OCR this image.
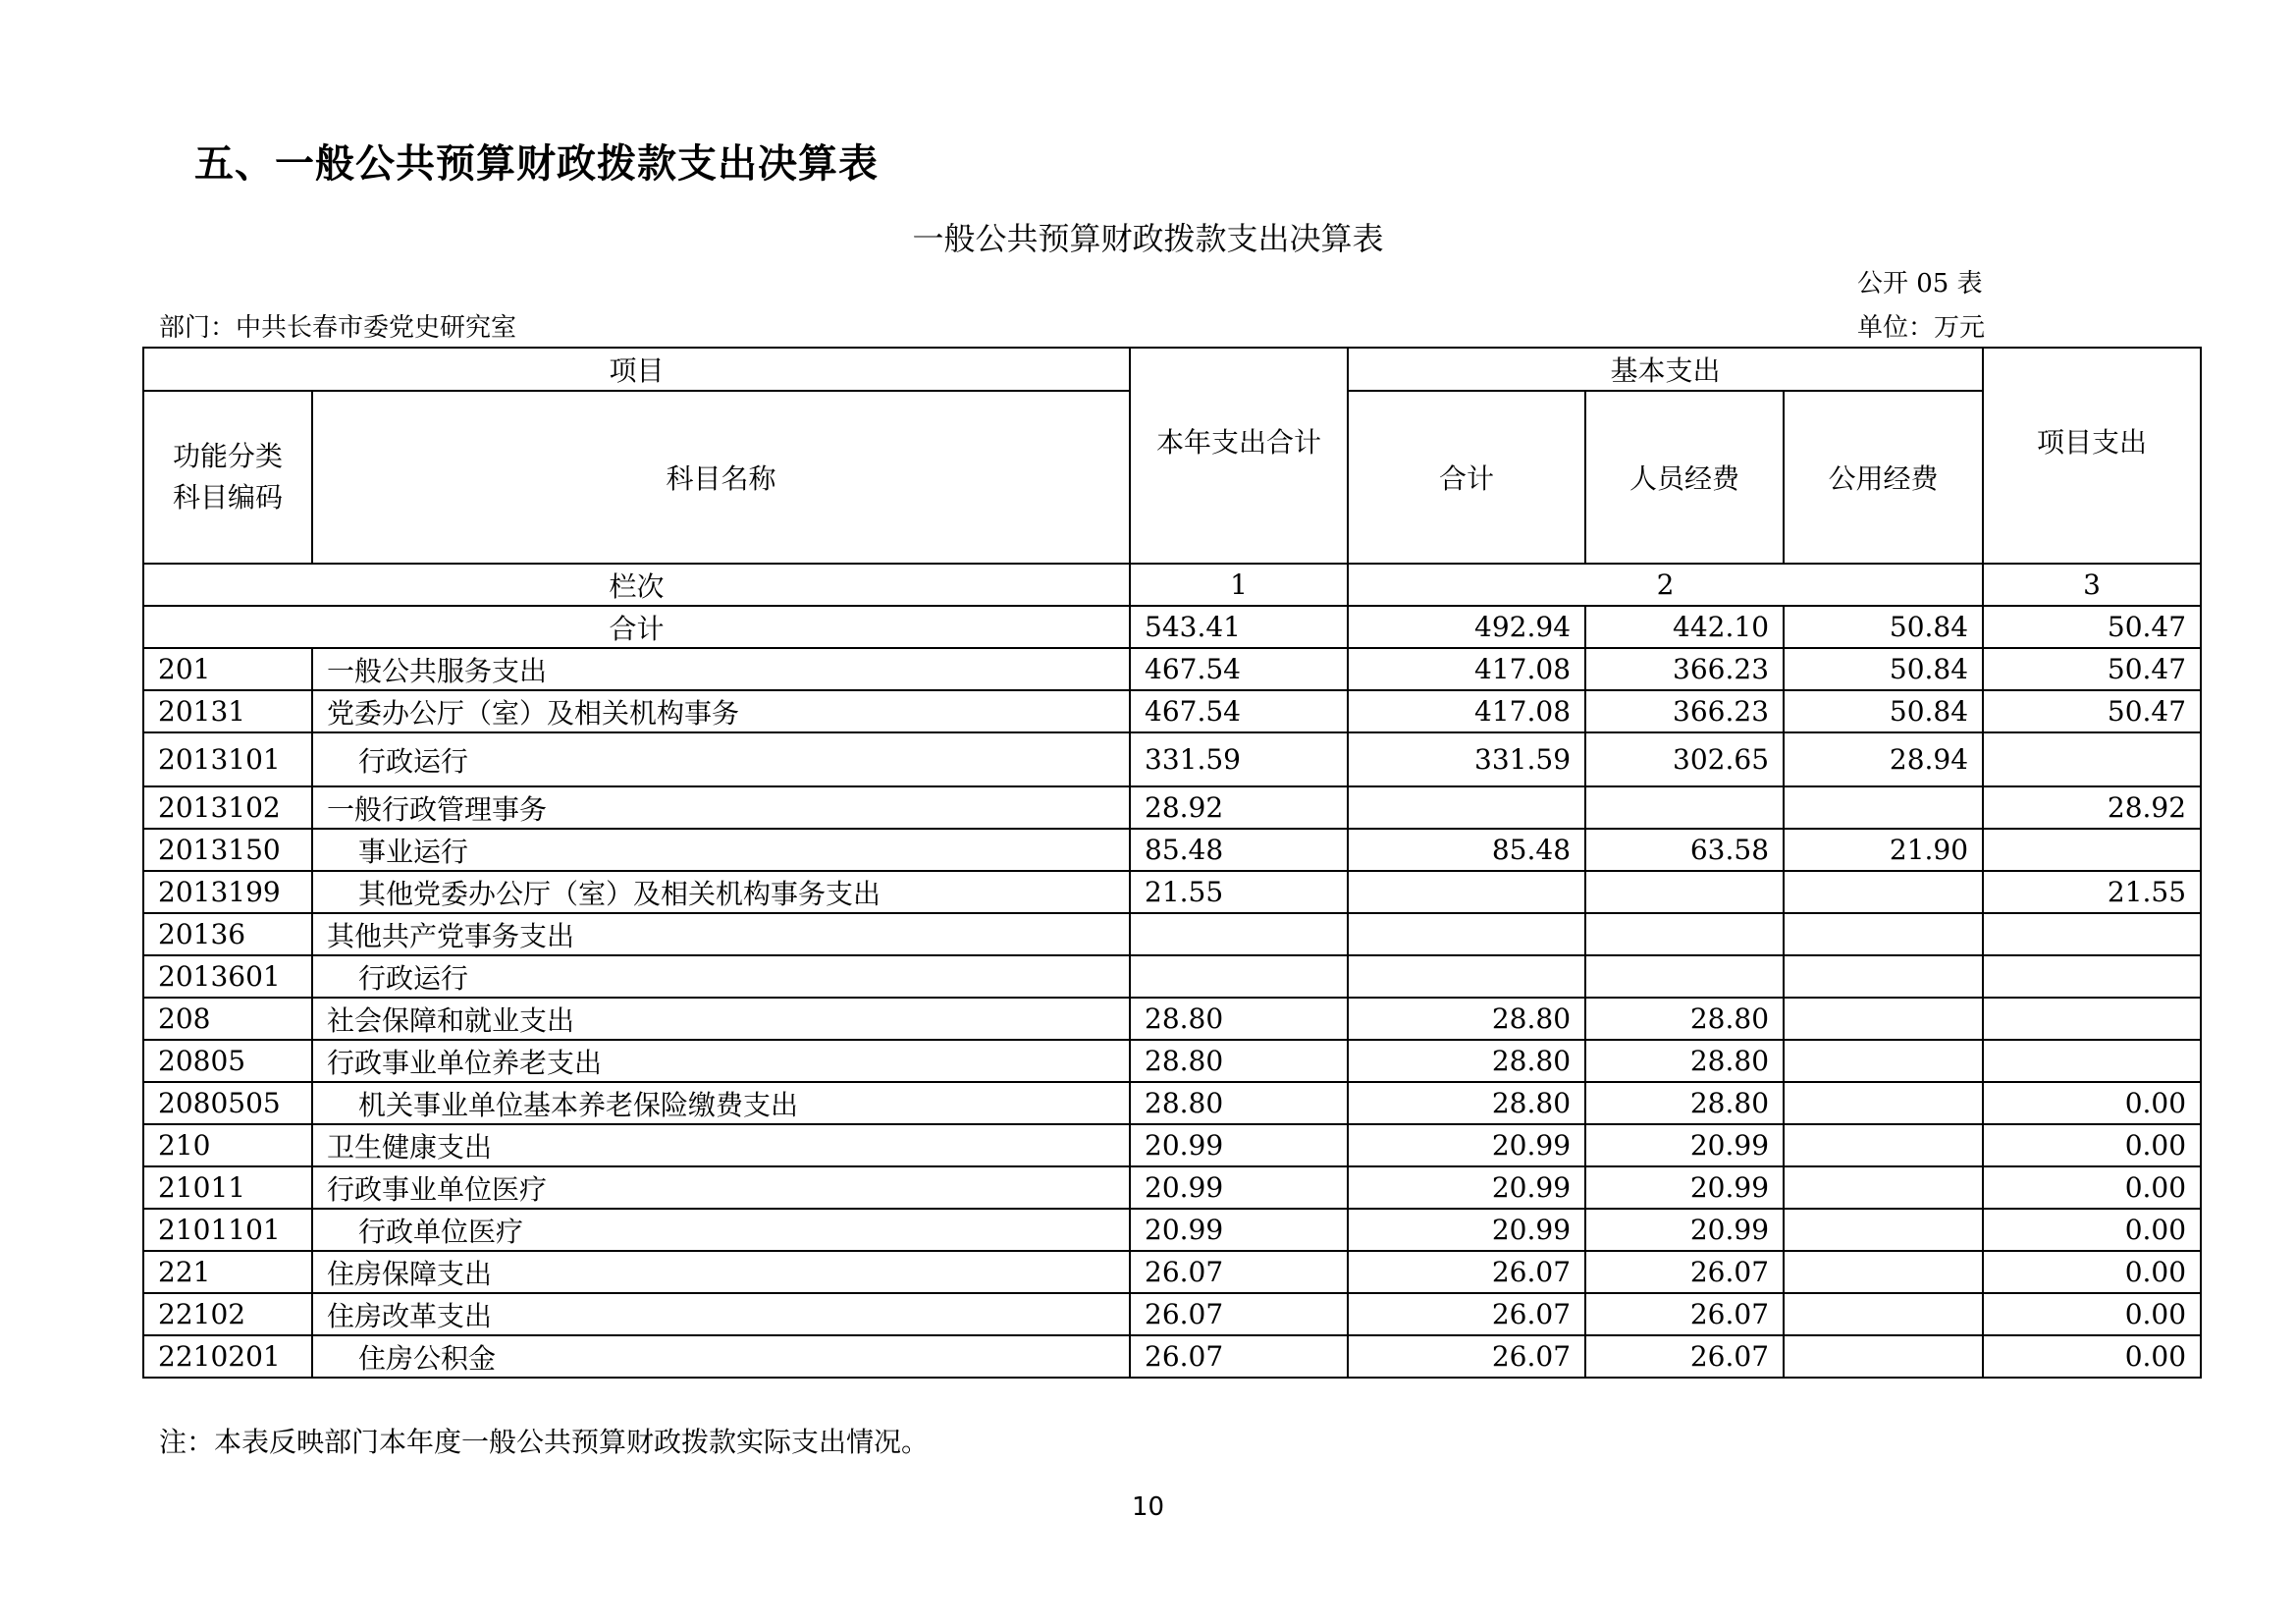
五、一般公共预算财政拨款支出决算表
一般公共预算财政拨款支出决算表
公开 05 表
部门：中共长春市委党史研究室	单位：万元
项目		本年支出合计	基本支出			项目支出
功能分类
科目编码	科目名称		合计	人员经费	公用经费	
栏次		1	2			3
合计		543.41	492.94	442.10	50.84	50.47
201	一般公共服务支出	467.54	417.08	366.23	50.84	50.47
20131	党委办公厅（室）及相关机构事务	467.54	417.08	366.23	50.84	50.47
2013101	行政运行	331.59	331.59	302.65	28.94	
2013102	一般行政管理事务	28.92				28.92
2013150	事业运行	85.48	85.48	63.58	21.90	
2013199	其他党委办公厅（室）及相关机构事务支出	21.55				21.55
20136	其他共产党事务支出					
2013601	行政运行					
208	社会保障和就业支出	28.80	28.80	28.80		
20805	行政事业单位养老支出	28.80	28.80	28.80		
2080505	机关事业单位基本养老保险缴费支出	28.80	28.80	28.80		0.00
210	卫生健康支出	20.99	20.99	20.99		0.00
21011	行政事业单位医疗	20.99	20.99	20.99		0.00
2101101	行政单位医疗	20.99	20.99	20.99		0.00
221	住房保障支出	26.07	26.07	26.07		0.00
22102	住房改革支出	26.07	26.07	26.07		0.00
2210201	住房公积金	26.07	26.07	26.07		0.00
注：本表反映部门本年度一般公共预算财政拨款实际支出情况。
10
